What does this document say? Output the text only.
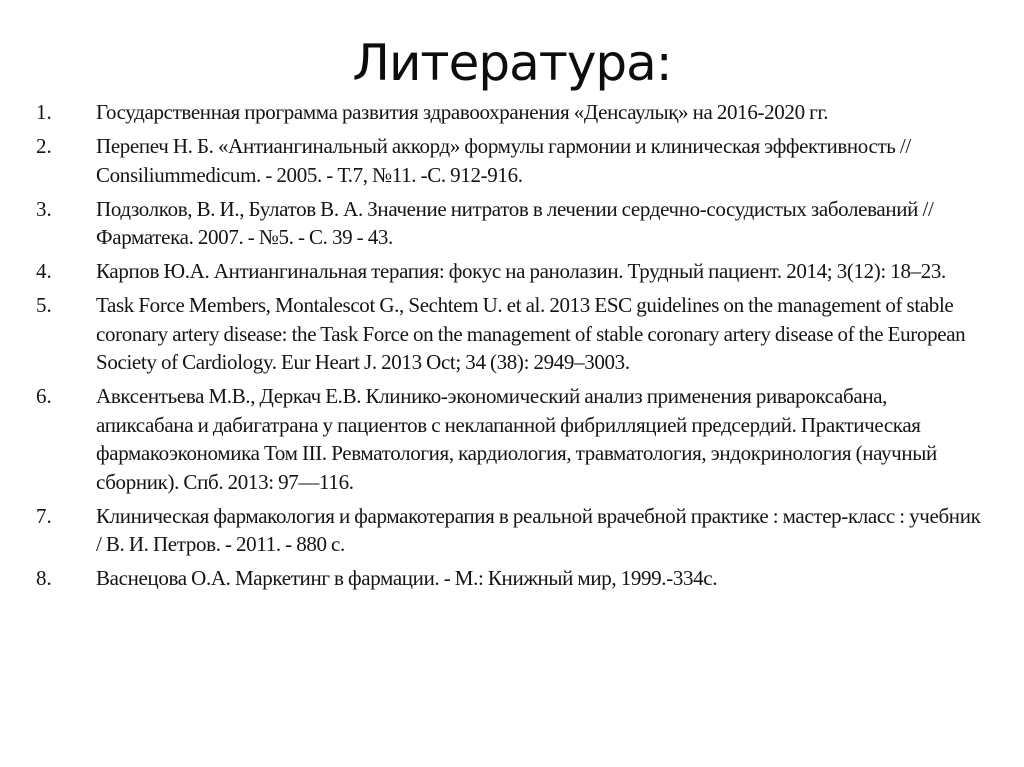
Литература:
1.	Государственная программа развития здравоохранения «Денсаулық» на 2016-2020 гг.
2.	Перепеч Н. Б. «Антиангинальный аккорд» формулы гармонии и клиническая эффективность // Consiliummedicum. - 2005. - Т.7, №11. -С. 912-916.
3.	Подзолков, В. И., Булатов В. А. Значение нитратов в лечении сердечно-сосудистых заболеваний // Фарматека. 2007. - №5. - С. 39 - 43.
4.	Карпов Ю.А. Антиангинальная терапия: фокус на ранолазин. Трудный пациент. 2014; 3(12): 18–23.
5.	Task Force Members, Montalescot G., Sechtem U. et al. 2013 ESC guidelines on the management of stable coronary artery disease: the Task Force on the management of stable coronary artery disease of the European Society of Cardiology. Eur Heart J. 2013 Oct; 34 (38): 2949–3003.
6.	Авксентьева М.В., Деркач Е.В. Клинико-экономический анализ применения ривароксабана, апиксабана и дабигатрана у пациентов с неклапанной фибрилляцией предсердий. Практическая фармакоэкономика Том III. Ревматология, кардиология, травматология, эндокринология (научный сборник). Спб. 2013: 97—116.
7.	Клиническая фармакология и фармакотерапия в реальной врачебной практике : мастер-класс : учебник / В. И. Петров. - 2011. - 880 с.
8.	Васнецова О.А. Маркетинг в фармации. - М.: Книжный мир, 1999.-334с.
